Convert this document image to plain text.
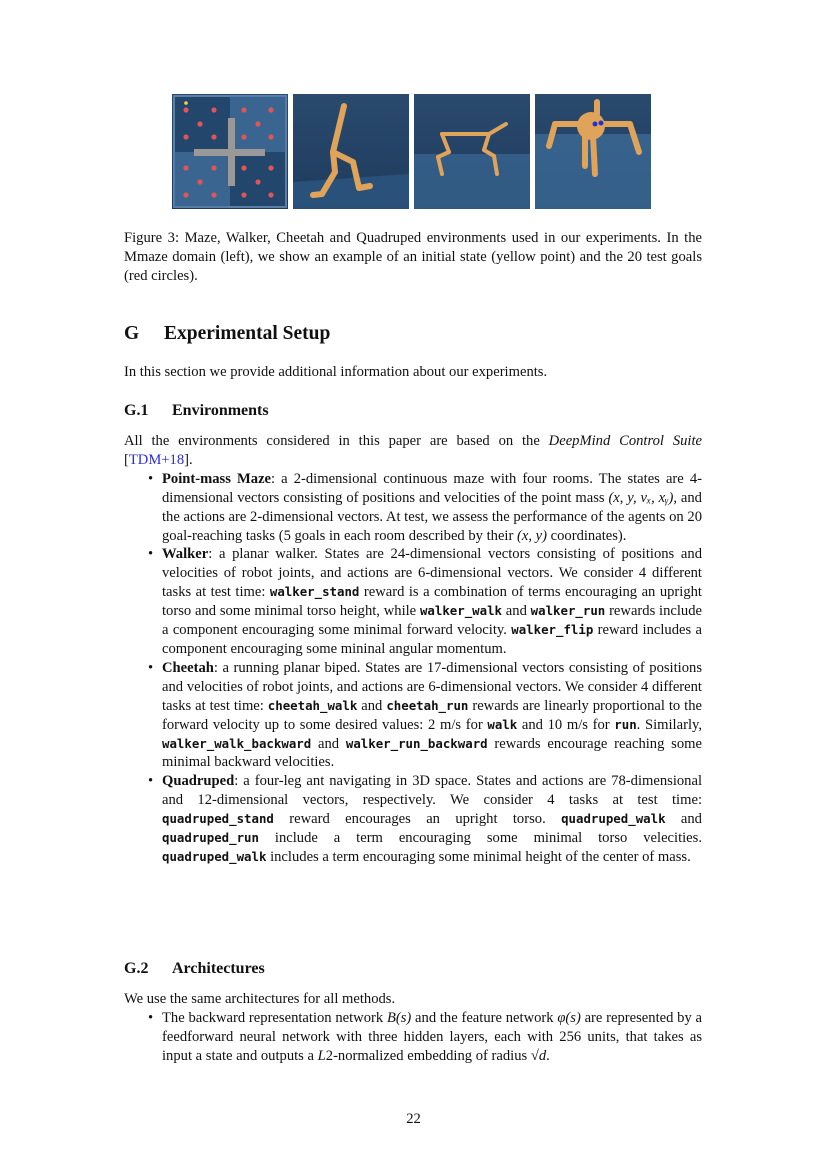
Figure 3: Maze, Walker, Cheetah and Quadruped environments used in our experiments. In the Mmaze domain (left), we show an example of an initial state (yellow point) and the 20 test goals (red circles).

G Experimental Setup

In this section we provide additional information about our experiments.

G.1 Environments

All the environments considered in this paper are based on the DeepMind Control Suite [TDM+18].

• Point-mass Maze: a 2-dimensional continuous maze with four rooms. The states are 4-dimensional vectors consisting of positions and velocities of the point mass (x, y, vₓ, xᵧ), and the actions are 2-dimensional vectors. At test, we assess the performance of the agents on 20 goal-reaching tasks (5 goals in each room described by their (x, y) coordinates).
• Walker: a planar walker. States are 24-dimensional vectors consisting of positions and velocities of robot joints, and actions are 6-dimensional vectors. We consider 4 different tasks at test time: walker_stand reward is a combination of terms encouraging an upright torso and some minimal torso height, while walker_walk and walker_run rewards include a component encouraging some minimal forward velocity. walker_flip reward includes a component encouraging some mininal angular momentum.
• Cheetah: a running planar biped. States are 17-dimensional vectors consisting of positions and velocities of robot joints, and actions are 6-dimensional vectors. We consider 4 different tasks at test time: cheetah_walk and cheetah_run rewards are linearly proportional to the forward velocity up to some desired values: 2 m/s for walk and 10 m/s for run. Similarly, walker_walk_backward and walker_run_backward rewards encourage reaching some minimal backward velocities.
• Quadruped: a four-leg ant navigating in 3D space. States and actions are 78-dimensional and 12-dimensional vectors, respectively. We consider 4 tasks at test time: quadruped_stand reward encourages an upright torso. quadruped_walk and quadruped_run include a term encouraging some minimal torso velecities. quadruped_walk includes a term encouraging some minimal height of the center of mass.
G.2 Architectures

We use the same architectures for all methods.

• The backward representation network B(s) and the feature network φ(s) are represented by a feedforward neural network with three hidden layers, each with 256 units, that takes as input a state and outputs a L2-normalized embedding of radius √d.
22
